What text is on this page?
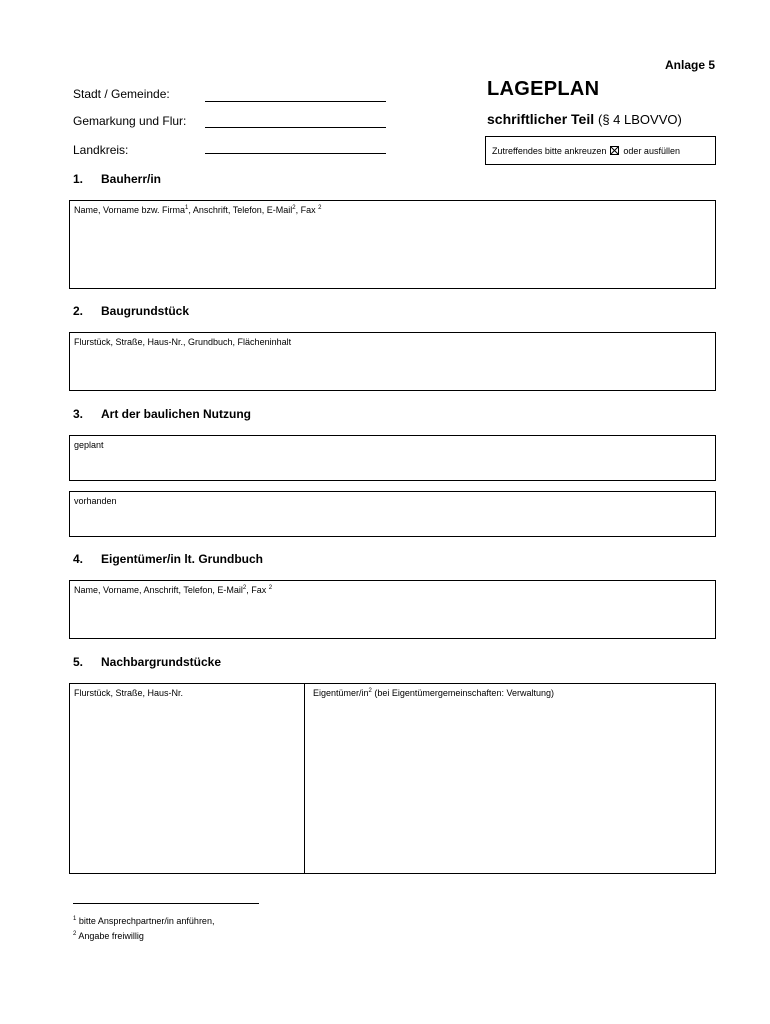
Anlage 5
Stadt / Gemeinde:
Gemarkung und Flur:
Landkreis:
LAGEPLAN
schriftlicher Teil (§ 4 LBOVVO)
Zutreffendes bitte ankreuzen oder ausfüllen
1. Bauherr/in
Name, Vorname bzw. Firma$^1$, Anschrift, Telefon, E-Mail$^2$, Fax $^2$
2. Baugrundstück
Flurstück, Straße, Haus-Nr., Grundbuch, Flächeninhalt
3. Art der baulichen Nutzung
geplant
vorhanden
4. Eigentümer/in lt. Grundbuch
Name, Vorname, Anschrift, Telefon, E-Mail$^2$, Fax $^2$
5. Nachbargrundstücke
Flurstück, Straße, Haus-Nr.	Eigentümer/$in^2$ (bei Eigentümergemeinschaften: Verwaltung)
$^1$ bitte Ansprechpartner/in anführen,
$^2$ Angabe freiwillig
